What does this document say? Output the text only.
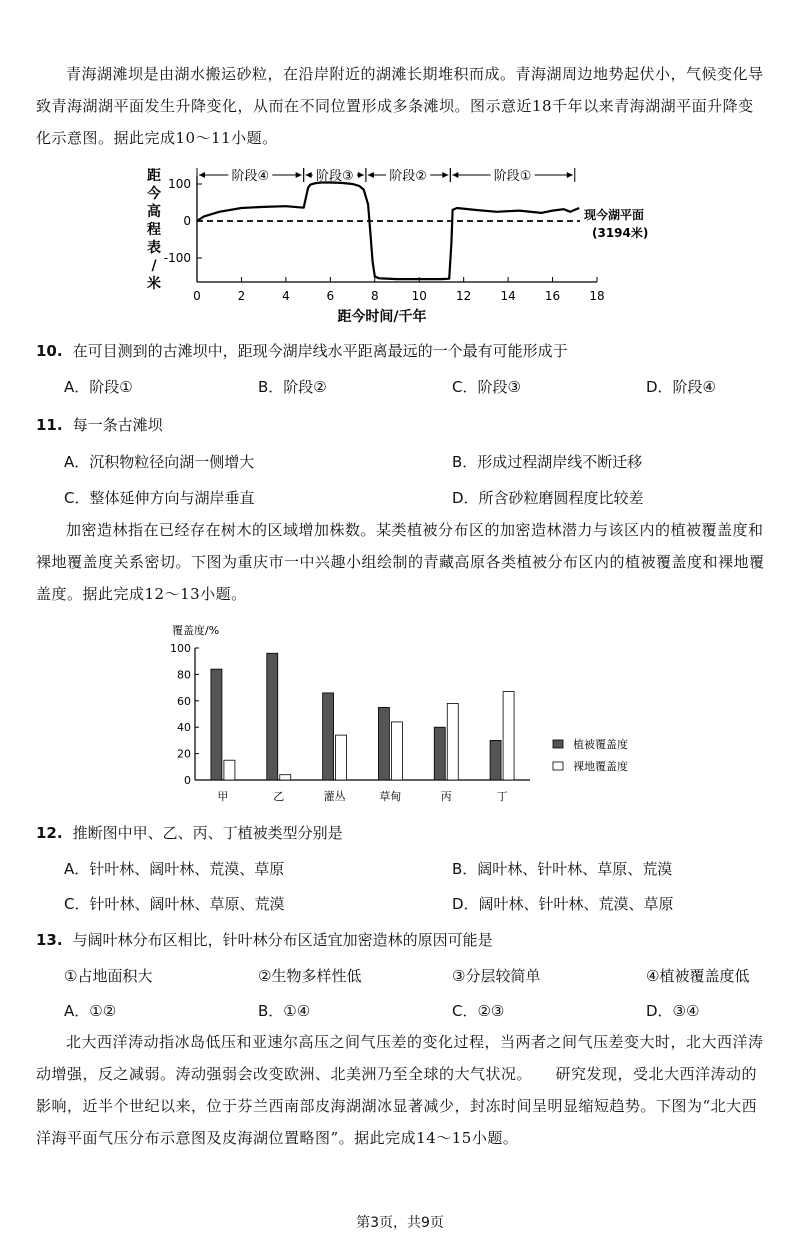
青海湖滩坝是由湖水搬运砂粒，在沿岸附近的湖滩长期堆积而成。青海湖周边地势起伏小，气候变化导致青海湖湖平面发生升降变化，从而在不同位置形成多条滩坝。图示意近18千年以来青海湖湖平面升降变化示意图。据此完成10～11小题。
100
0
-100
0	2	4	6	8	10 12 14 16 18
距
今
高
程
表
/
米
距今时间/千年
现今湖平面
(3194米)
阶段④	阶段③	阶段②	阶段①
10. 在可目测到的古滩坝中，距现今湖岸线水平距离最远的一个最有可能形成于
A．阶段①	B．阶段②	C．阶段③	D．阶段④
11. 每一条古滩坝
A．沉积物粒径向湖一侧增大	B．形成过程湖岸线不断迁移
C．整体延伸方向与湖岸垂直	D．所含砂粒磨圆程度比较差
加密造林指在已经存在树木的区域增加株数。某类植被分布区的加密造林潜力与该区内的植被覆盖度和裸地覆盖度关系密切。下图为重庆市一中兴趣小组绘制的青藏高原各类植被分布区内的植被覆盖度和裸地覆盖度。据此完成12～13小题。
覆盖度/%
100
80
60
40
20
0
甲	乙	灌丛	草甸	丙	丁
植被覆盖度
裸地覆盖度
12. 推断图中甲、乙、丙、丁植被类型分别是
A．针叶林、阔叶林、荒漠、草原	B．阔叶林、针叶林、草原、荒漠
C．针叶林、阔叶林、草原、荒漠	D．阔叶林、针叶林、荒漠、草原
13. 与阔叶林分布区相比，针叶林分布区适宜加密造林的原因可能是
①占地面积大	②生物多样性低	③分层较简单	④植被覆盖度低
A．①②	B．①④	C．②③	D．③④
北大西洋涛动指冰岛低压和亚速尔高压之间气压差的变化过程，当两者之间气压差变大时，北大西洋涛动增强，反之减弱。涛动强弱会改变欧洲、北美洲乃至全球的大气状况。　　研究发现，受北大西洋涛动的影响，近半个世纪以来，位于芬兰西南部皮海湖湖冰显著减少，封冻时间呈明显缩短趋势。下图为“北大西洋海平面气压分布示意图及皮海湖位置略图”。据此完成14～15小题。
第3页，共9页
